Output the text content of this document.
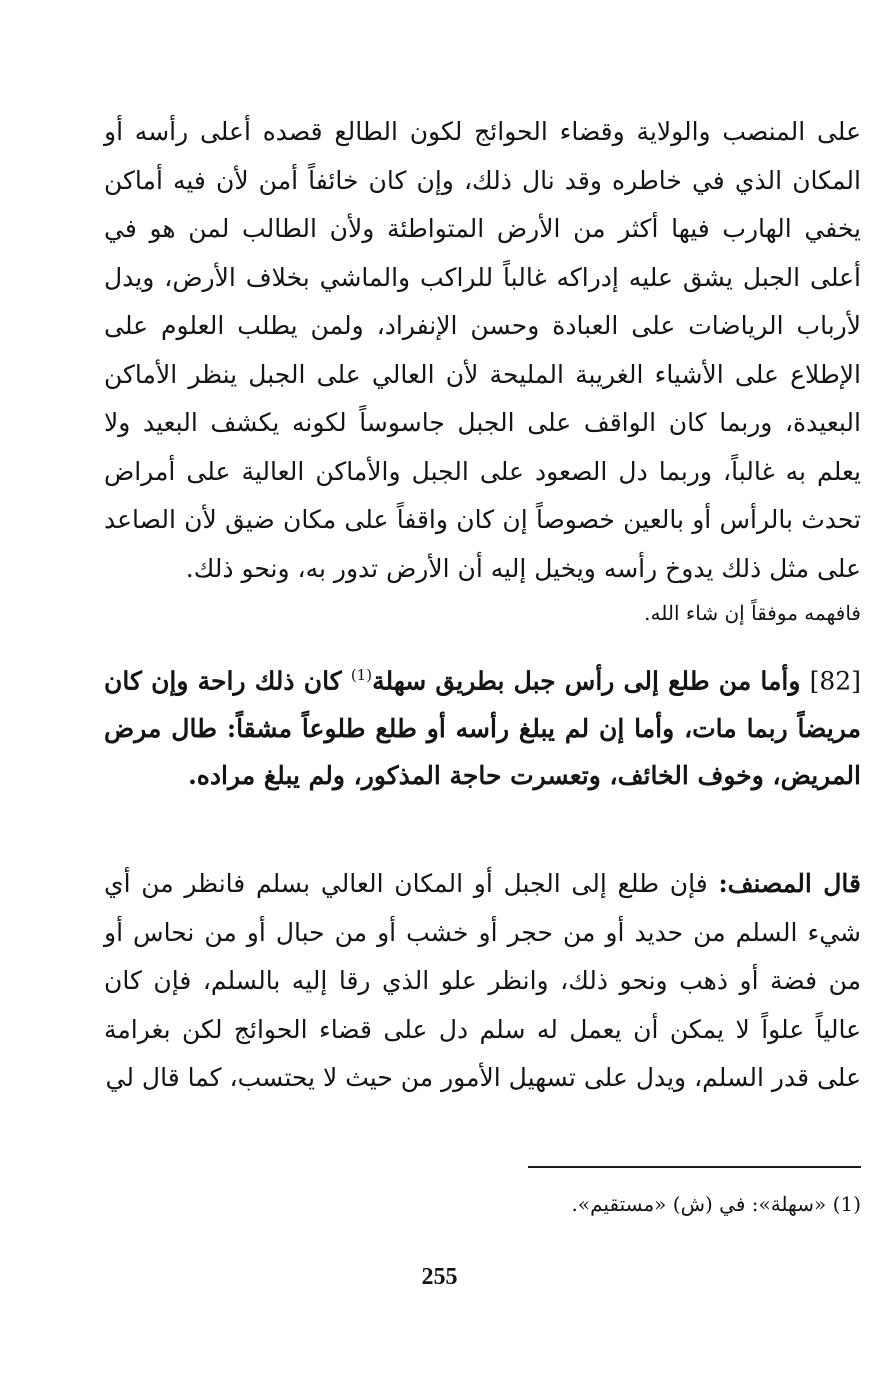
على المنصب والولاية وقضاء الحوائج لكون الطالع قصده أعلى رأسه أو المكان الذي في خاطره وقد نال ذلك، وإن كان خائفاً أمن لأن فيه أماكن يخفي الهارب فيها أكثر من الأرض المتواطئة ولأن الطالب لمن هو في أعلى الجبل يشق عليه إدراكه غالباً للراكب والماشي بخلاف الأرض، ويدل لأرباب الرياضات على العبادة وحسن الإنفراد، ولمن يطلب العلوم على الإطلاع على الأشياء الغريبة المليحة لأن العالي على الجبل ينظر الأماكن البعيدة، وربما كان الواقف على الجبل جاسوساً لكونه يكشف البعيد ولا يعلم به غالباً، وربما دل الصعود على الجبل والأماكن العالية على أمراض تحدث بالرأس أو بالعين خصوصاً إن كان واقفاً على مكان ضيق لأن الصاعد على مثل ذلك يدوخ رأسه ويخيل إليه أن الأرض تدور به، ونحو ذلك.
فافهمه موفقاً إن شاء الله.

[82] وأما من طلع إلى رأس جبل بطريق سهلة$^{(1)}$ كان ذلك راحة وإن كان مريضاً ربما مات، وأما إن لم يبلغ رأسه أو طلع طلوعاً مشقاً: طال مرض المريض، وخوف الخائف، وتعسرت حاجة المذكور، ولم يبلغ مراده.

قال المصنف: فإن طلع إلى الجبل أو المكان العالي بسلم فانظر من أي شيء السلم من حديد أو من حجر أو خشب أو من حبال أو من نحاس أو من فضة أو ذهب ونحو ذلك، وانظر علو الذي رقا إليه بالسلم، فإن كان عالياً علواً لا يمكن أن يعمل له سلم دل على قضاء الحوائج لكن بغرامة على قدر السلم، ويدل على تسهيل الأمور من حيث لا يحتسب، كما قال لي

(1) «سهلة»: في (ش) «مستقيم».
255
